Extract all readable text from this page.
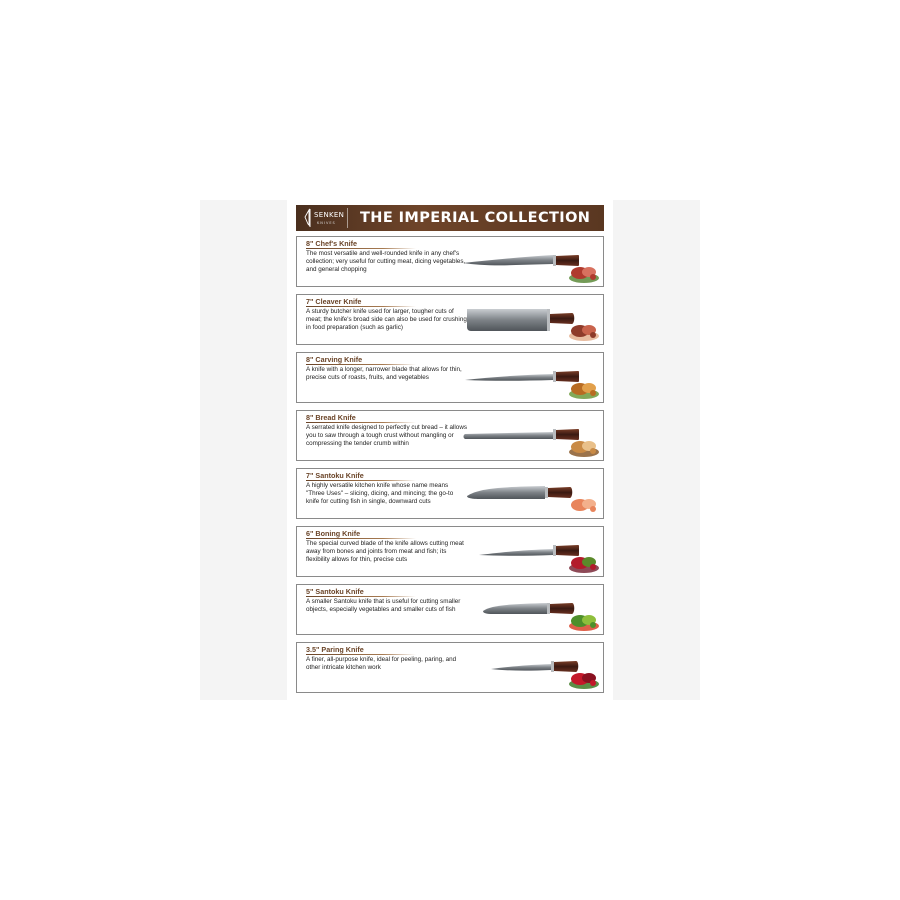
SENKEN
KNIVES THE IMPERIAL COLLECTION
8" Chef's Knife
The most versatile and well-rounded knife in any chef's collection; very useful for cutting meat, dicing vegetables, and general chopping
7" Cleaver Knife
A sturdy butcher knife used for larger, tougher cuts of meat; the knife's broad side can also be used for crushing in food preparation (such as garlic)
8" Carving Knife
A knife with a longer, narrower blade that allows for thin, precise cuts of roasts, fruits, and vegetables
8" Bread Knife
A serrated knife designed to perfectly cut bread – it allows you to saw through a tough crust without mangling or compressing the tender crumb within
7" Santoku Knife
A highly versatile kitchen knife whose name means "Three Uses" – slicing, dicing, and mincing; the go-to knife for cutting fish in single, downward cuts
6" Boning Knife
The special curved blade of the knife allows cutting meat away from bones and joints from meat and fish; its flexibility allows for thin, precise cuts
5" Santoku Knife
A smaller Santoku knife that is useful for cutting smaller objects, especially vegetables and smaller cuts of fish
3.5" Paring Knife
A finer, all-purpose knife, ideal for peeling, paring, and other intricate kitchen work
